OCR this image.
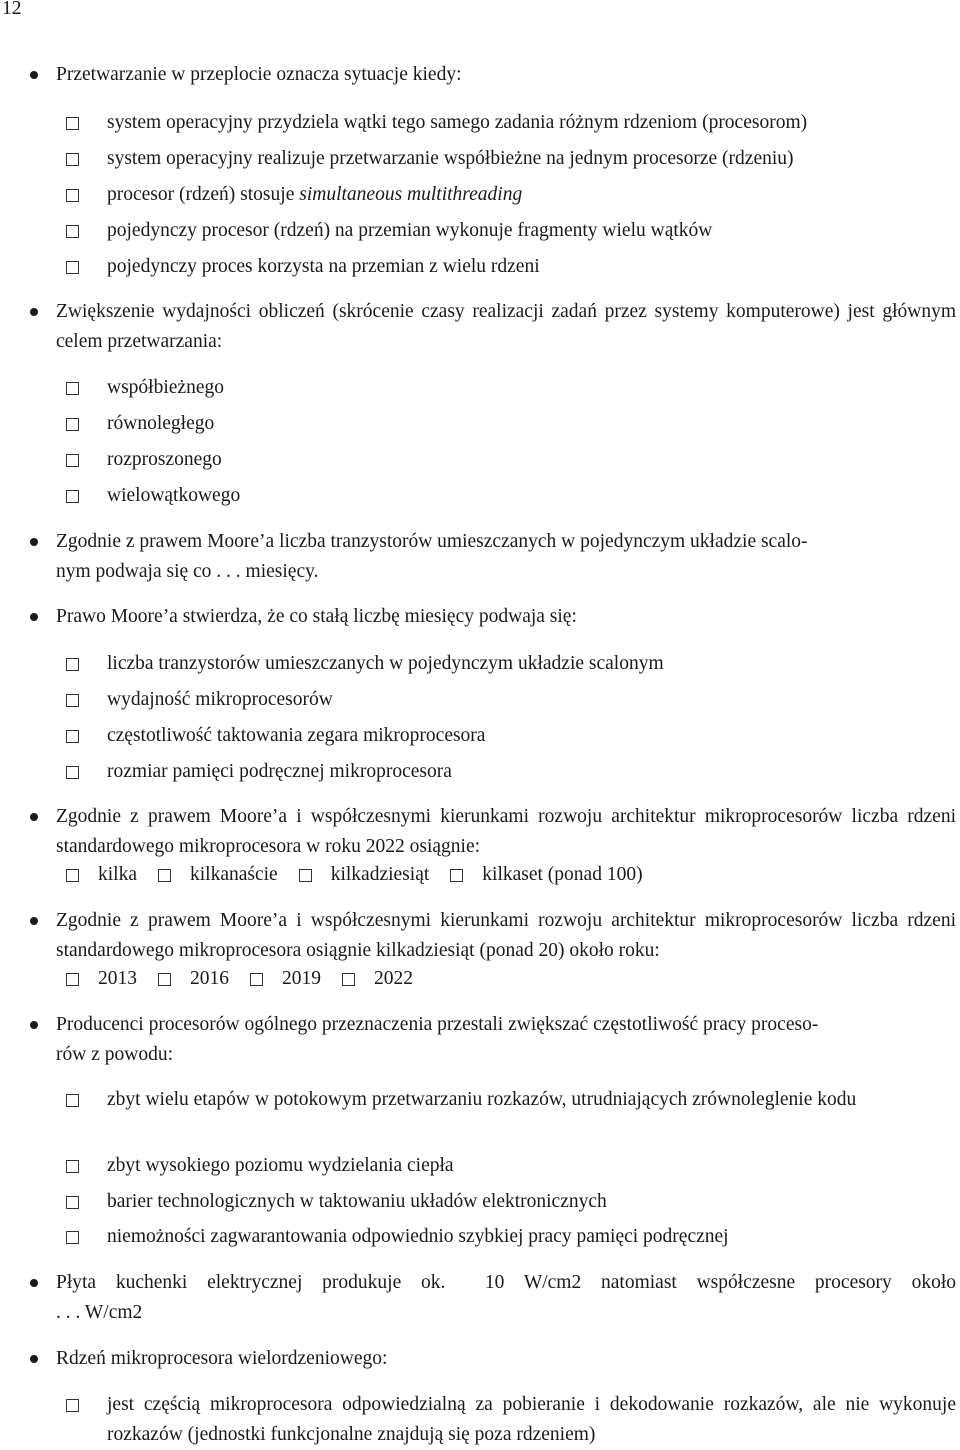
12
Przetwarzanie w przeplocie oznacza sytuacje kiedy:
system operacyjny przydziela wątki tego samego zadania różnym rdzeniom (procesorom)
system operacyjny realizuje przetwarzanie współbieżne na jednym procesorze (rdzeniu)
procesor (rdzeń) stosuje simultaneous multithreading
pojedynczy procesor (rdzeń) na przemian wykonuje fragmenty wielu wątków
pojedynczy proces korzysta na przemian z wielu rdzeni
Zwiększenie wydajności obliczeń (skrócenie czasy realizacji zadań przez systemy komputerowe) jest głównym celem przetwarzania:
współbieżnego
równoległego
rozproszonego
wielowątkowego
Zgodnie z prawem Moore’a liczba tranzystorów umieszczanych w pojedynczym układzie scalo-
nym podwaja się co . . . miesięcy.
Prawo Moore’a stwierdza, że co stałą liczbę miesięcy podwaja się:
liczba tranzystorów umieszczanych w pojedynczym układzie scalonym
wydajność mikroprocesorów
częstotliwość taktowania zegara mikroprocesora
rozmiar pamięci podręcznej mikroprocesora
Zgodnie z prawem Moore’a i współczesnymi kierunkami rozwoju architektur mikroprocesorów liczba rdzeni standardowego mikroprocesora w roku 2022 osiągnie:
kilka	kilkanaście	kilkadziesiąt	kilkaset (ponad 100)
Zgodnie z prawem Moore’a i współczesnymi kierunkami rozwoju architektur mikroprocesorów liczba rdzeni standardowego mikroprocesora osiągnie kilkadziesiąt (ponad 20) około roku:
2013	2016	2019	2022
Producenci procesorów ogólnego przeznaczenia przestali zwiększać częstotliwość pracy proceso-
rów z powodu:
zbyt wielu etapów w potokowym przetwarzaniu rozkazów, utrudniających zrównoleglenie kodu
zbyt wysokiego poziomu wydzielania ciepła
barier technologicznych w taktowaniu układów elektronicznych
niemożności zagwarantowania odpowiednio szybkiej pracy pamięci podręcznej
Płyta kuchenki elektrycznej produkuje ok.  10 W/cm2 natomiast współczesne procesory około
. . . W/cm2
Rdzeń mikroprocesora wielordzeniowego:
jest częścią mikroprocesora odpowiedzialną za pobieranie i dekodowanie rozkazów, ale nie wykonuje rozkazów (jednostki funkcjonalne znajdują się poza rdzeniem)
